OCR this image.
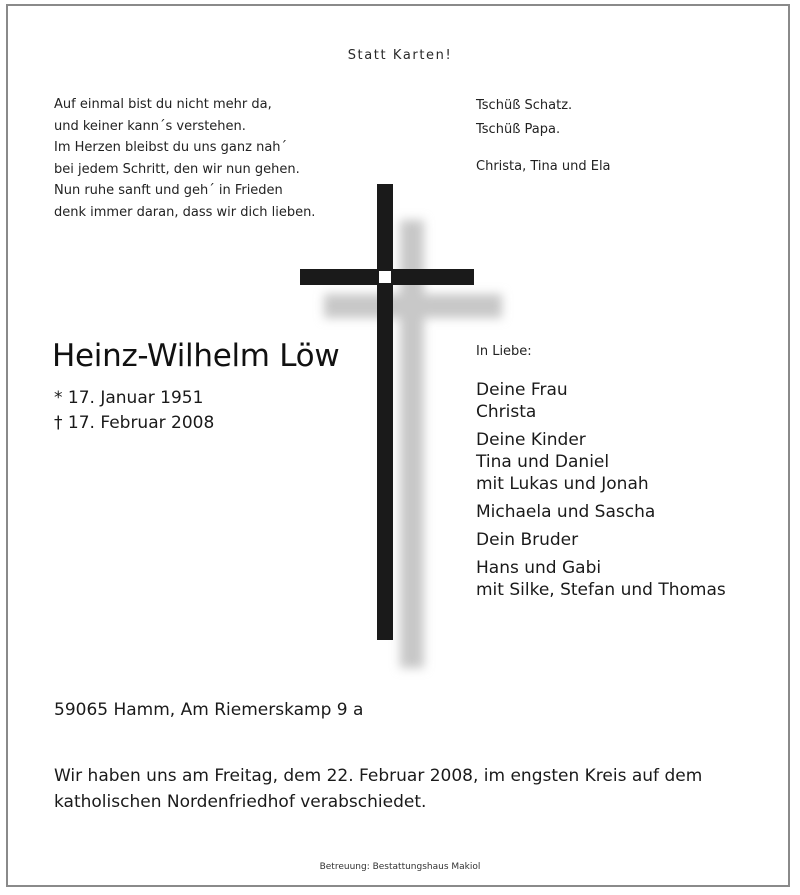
Statt Karten!
Auf einmal bist du nicht mehr da,
und keiner kann´s verstehen.
Im Herzen bleibst du uns ganz nah´
bei jedem Schritt, den wir nun gehen.
Nun ruhe sanft und geh´ in Frieden
denk immer daran, dass wir dich lieben.
Tschüß Schatz.
Tschüß Papa.
Christa, Tina und Ela
Heinz-Wilhelm Löw
* 17. Januar 1951
† 17. Februar 2008
In Liebe:
Deine Frau
Christa
Deine Kinder
Tina und Daniel
mit Lukas und Jonah
Michaela und Sascha
Dein Bruder
Hans und Gabi
mit Silke, Stefan und Thomas
59065 Hamm, Am Riemerskamp 9 a
Wir haben uns am Freitag, dem 22. Februar 2008, im engsten Kreis auf dem
katholischen Nordenfriedhof verabschiedet.
Betreuung: Bestattungshaus Makiol
